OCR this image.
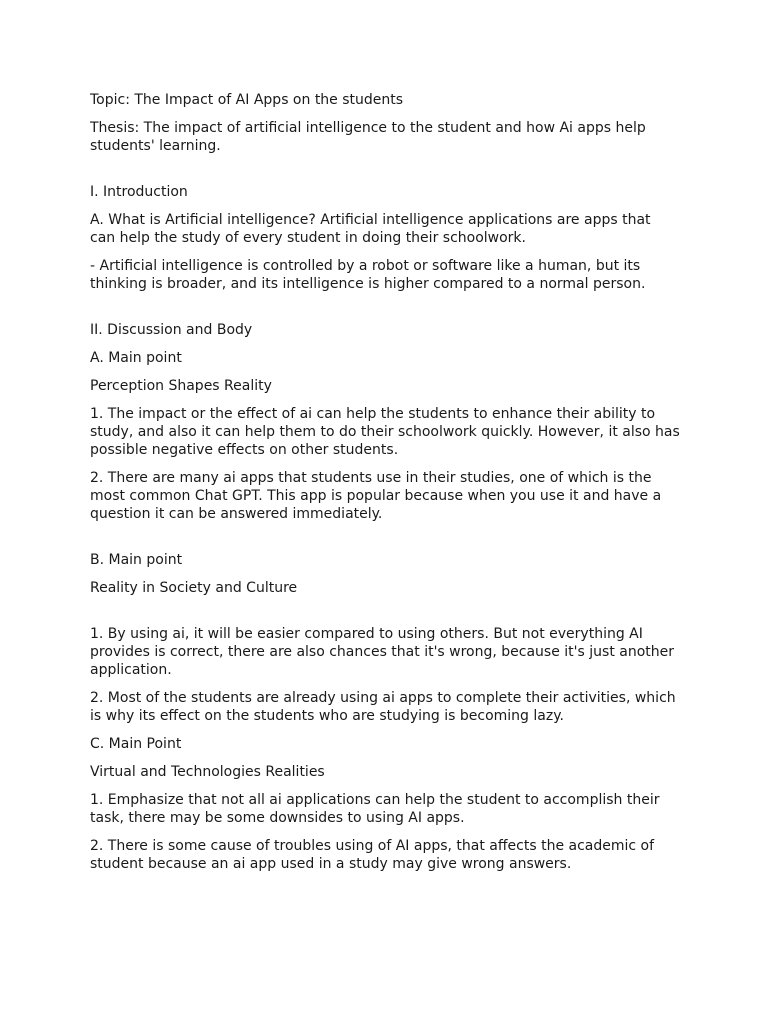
Topic: The Impact of AI Apps on the students

Thesis: The impact of artificial intelligence to the student and how Ai apps help students' learning.

I. Introduction

A. What is Artificial intelligence? Artificial intelligence applications are apps that can help the study of every student in doing their schoolwork.

- Artificial intelligence is controlled by a robot or software like a human, but its thinking is broader, and its intelligence is higher compared to a normal person.

II. Discussion and Body

A. Main point

Perception Shapes Reality

1. The impact or the effect of ai can help the students to enhance their ability to study, and also it can help them to do their schoolwork quickly. However, it also has possible negative effects on other students.

2. There are many ai apps that students use in their studies, one of which is the most common Chat GPT. This app is popular because when you use it and have a question it can be answered immediately.

B. Main point

Reality in Society and Culture

1. By using ai, it will be easier compared to using others. But not everything AI provides is correct, there are also chances that it's wrong, because it's just another application.

2. Most of the students are already using ai apps to complete their activities, which is why its effect on the students who are studying is becoming lazy.

C. Main Point

Virtual and Technologies Realities

1. Emphasize that not all ai applications can help the student to accomplish their task, there may be some downsides to using AI apps.

2. There is some cause of troubles using of AI apps, that affects the academic of student because an ai app used in a study may give wrong answers.
